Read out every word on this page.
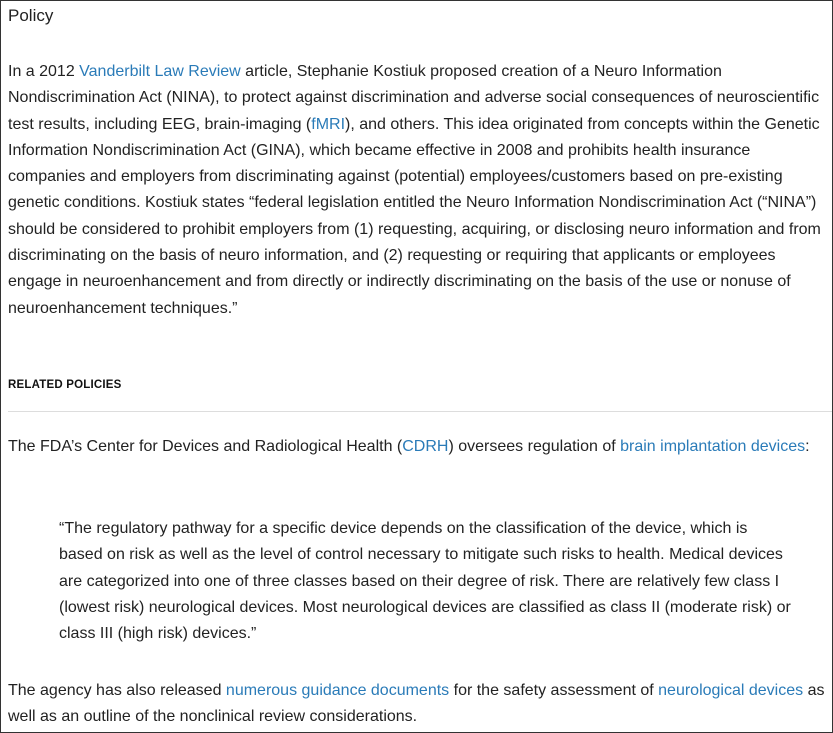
Policy

In a 2012 Vanderbilt Law Review article, Stephanie Kostiuk proposed creation of a Neuro Information Nondiscrimination Act (NINA), to protect against discrimination and adverse social consequences of neuroscientific test results, including EEG, brain-imaging (fMRI), and others. This idea originated from concepts within the Genetic Information Nondiscrimination Act (GINA), which became effective in 2008 and prohibits health insurance companies and employers from discriminating against (potential) employees/customers based on pre-existing genetic conditions. Kostiuk states “federal legislation entitled the Neuro Information Nondiscrimination Act (“NINA”) should be considered to prohibit employers from (1) requesting, acquiring, or disclosing neuro information and from discriminating on the basis of neuro information, and (2) requesting or requiring that applicants or employees engage in neuroenhancement and from directly or indirectly discriminating on the basis of the use or nonuse of neuroenhancement techniques.”

RELATED POLICIES

The FDA’s Center for Devices and Radiological Health (CDRH) oversees regulation of brain implantation devices:

“The regulatory pathway for a specific device depends on the classification of the device, which is based on risk as well as the level of control necessary to mitigate such risks to health. Medical devices are categorized into one of three classes based on their degree of risk. There are relatively few class I (lowest risk) neurological devices. Most neurological devices are classified as class II (moderate risk) or class III (high risk) devices.”

The agency has also released numerous guidance documents for the safety assessment of neurological devices as well as an outline of the nonclinical review considerations.
